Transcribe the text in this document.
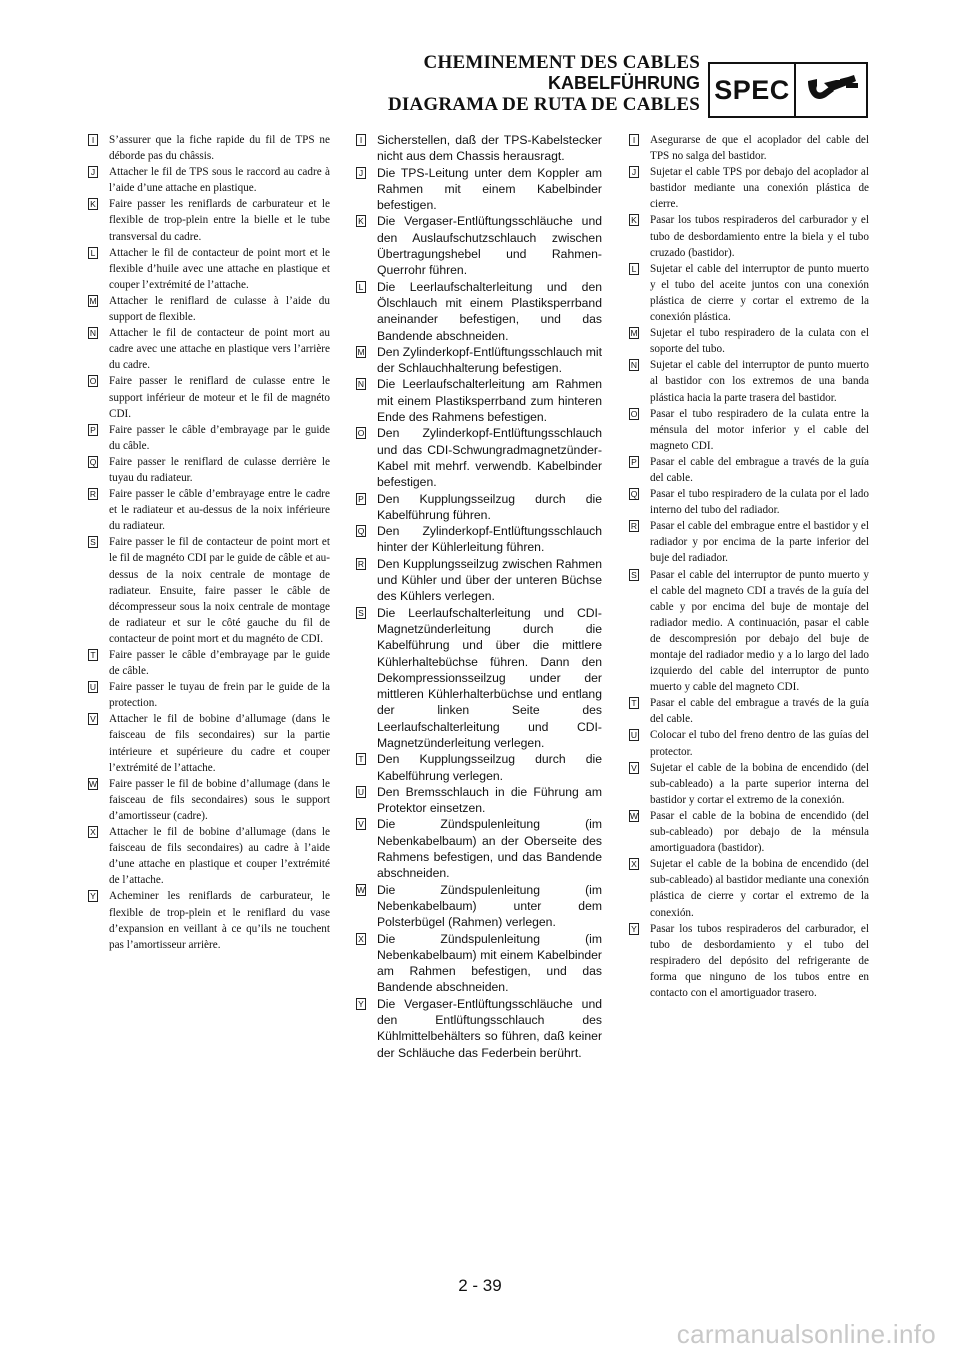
CHEMINEMENT DES CABLES
KABELFÜHRUNG
DIAGRAMA DE RUTA DE CABLES SPEC
I	S’assurer que la fiche rapide du fil de TPS ne déborde pas du châssis.
J Attacher le fil de TPS sous le raccord au cadre à l’aide d’une attache en plastique.
K Faire passer les reniflards de carburateur et le flexible de trop-plein entre la bielle et le tube transversal du cadre.
L Attacher le fil de contacteur de point mort et le flexible d’huile avec une attache en plastique et couper l’extrémité de l’attache.
M Attacher le reniflard de culasse à l’aide du support de flexible.
N Attacher le fil de contacteur de point mort au cadre avec une attache en plastique vers l’arrière du cadre.
O Faire passer le reniflard de culasse entre le support inférieur de moteur et le fil de magnéto CDI.
P Faire passer le câble d’embrayage par le guide du câble.
Q Faire passer le reniflard de culasse derrière le tuyau du radiateur.
R Faire passer le câble d’embrayage entre le cadre et le radiateur et au-dessus de la noix inférieure du radiateur.
S Faire passer le fil de contacteur de point mort et le fil de magnéto CDI par le guide de câble et au-dessus de la noix centrale de montage de radiateur. Ensuite, faire passer le câble de décompresseur sous la noix centrale de montage de radiateur et sur le côté gauche du fil de contacteur de point mort et du magnéto de CDI.
T Faire passer le câble d’embrayage par le guide de câble.
U Faire passer le tuyau de frein par le guide de la protection.
V Attacher le fil de bobine d’allumage (dans le faisceau de fils secondaires) sur la partie intérieure et supérieure du cadre et couper l’extrémité de l’attache.
W Faire passer le fil de bobine d’allumage (dans le faisceau de fils secondaires) sous le support d’amortisseur (cadre).
X Attacher le fil de bobine d’allumage (dans le faisceau de fils secondaires) au cadre à l’aide d’une attache en plastique et couper l’extrémité de l’attache.
Y Acheminer les reniflards de carburateur, le flexible de trop-plein et le reniflard du vase d’expansion en veillant à ce qu’ils ne touchent pas l’amortisseur arrière.
I	Sicherstellen, daß der TPS-Kabelstecker nicht aus dem Chassis herausragt.
J Die TPS-Leitung unter dem Koppler am Rahmen mit einem Kabelbinder befestigen.
K Die Vergaser-Entlüftungsschläuche und den Auslaufschutzschlauch zwischen Übertragungshebel und Rahmen-Querrohr führen.
L Die Leerlaufschalterleitung und den Ölschlauch mit einem Plastiksperrband aneinander befestigen, und das Bandende abschneiden.
M Den Zylinderkopf-Entlüftungsschlauch mit der Schlauchhalterung befestigen.
N Die Leerlaufschalterleitung am Rahmen mit einem Plastiksperrband zum hinteren Ende des Rahmens befestigen.
O Den Zylinderkopf-Entlüftungsschlauch und das CDI-Schwungradmagnetzünder-Kabel mit mehrf. verwendb. Kabelbinder befestigen.
P Den Kupplungsseilzug durch die Kabelführung führen.
Q Den Zylinderkopf-Entlüftungsschlauch hinter der Kühlerleitung führen.
R Den Kupplungsseilzug zwischen Rahmen und Kühler und über der unteren Büchse des Kühlers verlegen.
S Die Leerlaufschalterleitung und CDI-Magnetzünderleitung durch die Kabelführung und über die mittlere Kühlerhaltebüchse führen. Dann den Dekompressionsseilzug under der mittleren Kühlerhalterbüchse und entlang der linken Seite des Leerlaufschalterleitung und CDI-Magnetzünderleitung verlegen.
T Den Kupplungsseilzug durch die Kabelführung verlegen.
U Den Bremsschlauch in die Führung am Protektor einsetzen.
V Die Zündspulenleitung (im Nebenkabelbaum) an der Oberseite des Rahmens befestigen, und das Bandende abschneiden.
W Die Zündspulenleitung (im Nebenkabelbaum) unter dem Polsterbügel (Rahmen) verlegen.
X Die Zündspulenleitung (im Nebenkabelbaum) mit einem Kabelbinder am Rahmen befestigen, und das Bandende abschneiden.
Y Die Vergaser-Entlüftungsschläuche und den Entlüftungsschlauch des Kühlmittelbehälters so führen, daß keiner der Schläuche das Federbein berührt.
I	Asegurarse de que el acoplador del cable del TPS no salga del bastidor.
J Sujetar el cable TPS por debajo del acoplador al bastidor mediante una conexión plástica de cierre.
K Pasar los tubos respiraderos del carburador y el tubo de desbordamiento entre la biela y el tubo cruzado (bastidor).
L Sujetar el cable del interruptor de punto muerto y el tubo del aceite juntos con una conexión plástica de cierre y cortar el extremo de la conexión plástica.
M Sujetar el tubo respiradero de la culata con el soporte del tubo.
N Sujetar el cable del interruptor de punto muerto al bastidor con los extremos de una banda plástica hacia la parte trasera del bastidor.
O Pasar el tubo respiradero de la culata entre la ménsula del motor inferior y el cable del magneto CDI.
P Pasar el cable del embrague a través de la guía del cable.
Q Pasar el tubo respiradero de la culata por el lado interno del tubo del radiador.
R Pasar el cable del embrague entre el bastidor y el radiador y por encima de la parte inferior del buje del radiador.
S Pasar el cable del interruptor de punto muerto y el cable del magneto CDI a través de la guía del cable y por encima del buje de montaje del radiador medio. A continuación, pasar el cable de descompresión por debajo del buje de montaje del radiador medio y a lo largo del lado izquierdo del cable del interruptor de punto muerto y cable del magneto CDI.
T Pasar el cable del embrague a través de la guía del cable.
U Colocar el tubo del freno dentro de las guías del protector.
V Sujetar el cable de la bobina de encendido (del sub-cableado) a la parte superior interna del bastidor y cortar el extremo de la conexión.
W Pasar el cable de la bobina de encendido (del sub-cableado) por debajo de la ménsula amortiguadora (bastidor).
X Sujetar el cable de la bobina de encendido (del sub-cableado) al bastidor mediante una conexión plástica de cierre y cortar el extremo de la conexión.
Y Pasar los tubos respiraderos del carburador, el tubo de desbordamiento y el tubo del respiradero del depósito del refrigerante de forma que ninguno de los tubos entre en contacto con el amortiguador trasero.
2 - 39
carmanualsonline.info
